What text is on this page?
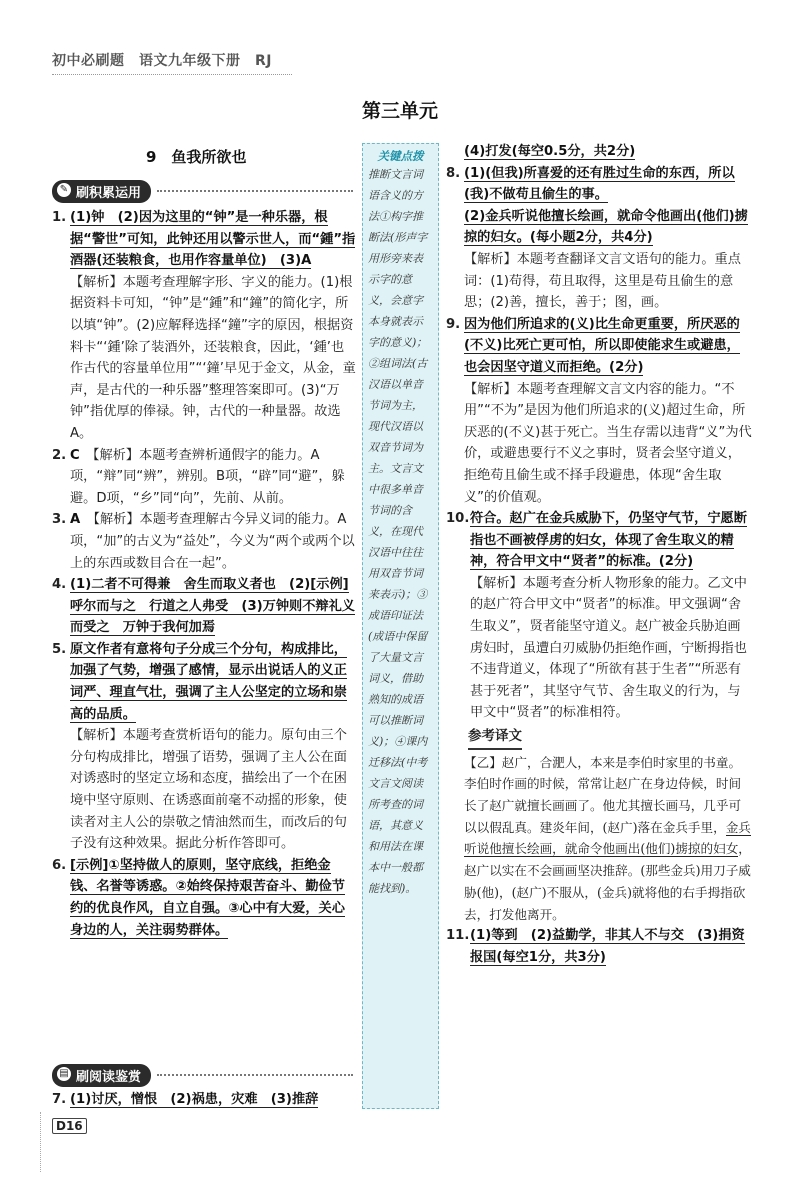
初中必刷题　 语文九年级下册　 RJ
第三单元
9　鱼我所欲也
✎ 刷积累运用
1. (1)钟　(2)因为这里的“钟”是一种乐器，根据“警世”可知，此钟还用以警示世人，而“鍾”指酒器(还装粮食，也用作容量单位)　(3)A
【解析】本题考查理解字形、字义的能力。(1)根据资料卡可知，“钟”是“鍾”和“鐘”的简化字，所以填“钟”。(2)应解释选择“鐘”字的原因，根据资料卡“‘鍾’除了装酒外，还装粮食，因此，‘鍾’也作古代的容量单位用”“‘鐘’早见于金文，从金，童声，是古代的一种乐器”整理答案即可。(3)“万钟”指优厚的俸禄。钟，古代的一种量器。故选A。
2. C　【解析】本题考查辨析通假字的能力。A项，“辩”同“辨”，辨别。B项，“辟”同“避”，躲避。D项，“乡”同“向”，先前、从前。
3. A　【解析】本题考查理解古今异义词的能力。A项，“加”的古义为“益处”，今义为“两个或两个以上的东西或数目合在一起”。
4. (1)二者不可得兼　舍生而取义者也　(2)[示例]呼尔而与之　行道之人弗受　(3)万钟则不辩礼义而受之　万钟于我何加焉
5. 原文作者有意将句子分成三个分句，构成排比，加强了气势，增强了感情，显示出说话人的义正词严、理直气壮，强调了主人公坚定的立场和崇高的品质。
【解析】本题考查赏析语句的能力。原句由三个分句构成排比，增强了语势，强调了主人公在面对诱惑时的坚定立场和态度，描绘出了一个在困境中坚守原则、在诱惑面前毫不动摇的形象，使读者对主人公的崇敬之情油然而生，而改后的句子没有这种效果。据此分析作答即可。
6. [示例]①坚持做人的原则，坚守底线，拒绝金钱、名誉等诱惑。②始终保持艰苦奋斗、勤俭节约的优良作风，自立自强。③心中有大爱，关心身边的人，关注弱势群体。
▤ 刷阅读鉴赏
7. (1)讨厌，憎恨　(2)祸患，灾难　(3)推辞
关键点拨
推断文言词语含义的方法①构字推断法(形声字用形旁来表示字的意义，会意字本身就表示字的意义)；②组词法(古汉语以单音节词为主，现代汉语以双音节词为主。文言文中很多单音节词的含义，在现代汉语中往往用双音节词来表示)；③成语印证法(成语中保留了大量文言词义，借助熟知的成语可以推断词义)；④课内迁移法(中考文言文阅读所考查的词语，其意义和用法在课本中一般都能找到)。
(4)打发(每空0.5分，共2分)
8. (1)(但我)所喜爱的还有胜过生命的东西，所以(我)不做苟且偷生的事。
(2)金兵听说他擅长绘画，就命令他画出(他们)掳掠的妇女。(每小题2分，共4分)
【解析】本题考查翻译文言文语句的能力。重点词：(1)苟得，苟且取得，这里是苟且偷生的意思；(2)善，擅长，善于；图，画。
9. 因为他们所追求的(义)比生命更重要，所厌恶的(不义)比死亡更可怕，所以即使能求生或避患，也会因坚守道义而拒绝。(2分)
【解析】本题考查理解文言文内容的能力。“不用”“不为”是因为他们所追求的(义)超过生命，所厌恶的(不义)甚于死亡。当生存需以违背“义”为代价，或避患要行不义之事时，贤者会坚守道义，拒绝苟且偷生或不择手段避患，体现“舍生取义”的价值观。
10. 符合。赵广在金兵威胁下，仍坚守气节，宁愿断指也不画被俘虏的妇女，体现了舍生取义的精神，符合甲文中“贤者”的标准。(2分)
【解析】本题考查分析人物形象的能力。乙文中的赵广符合甲文中“贤者”的标准。甲文强调“舍生取义”，贤者能坚守道义。赵广被金兵胁迫画虏妇时，虽遭白刃威胁仍拒绝作画，宁断拇指也不违背道义，体现了“所欲有甚于生者”“所恶有甚于死者”，其坚守气节、舍生取义的行为，与甲文中“贤者”的标准相符。
参考译文
【乙】赵广，合淝人，本来是李伯时家里的书童。李伯时作画的时候，常常让赵广在身边侍候，时间长了赵广就擅长画画了。他尤其擅长画马，几乎可以以假乱真。建炎年间，(赵广)落在金兵手里，金兵听说他擅长绘画，就命令他画出(他们)掳掠的妇女，赵广以实在不会画画坚决推辞。(那些金兵)用刀子威胁(他)，(赵广)不服从，(金兵)就将他的右手拇指砍去，打发他离开。
11. (1)等到　(2)益勤学，非其人不与交　(3)捐资报国(每空1分，共3分)
D16
